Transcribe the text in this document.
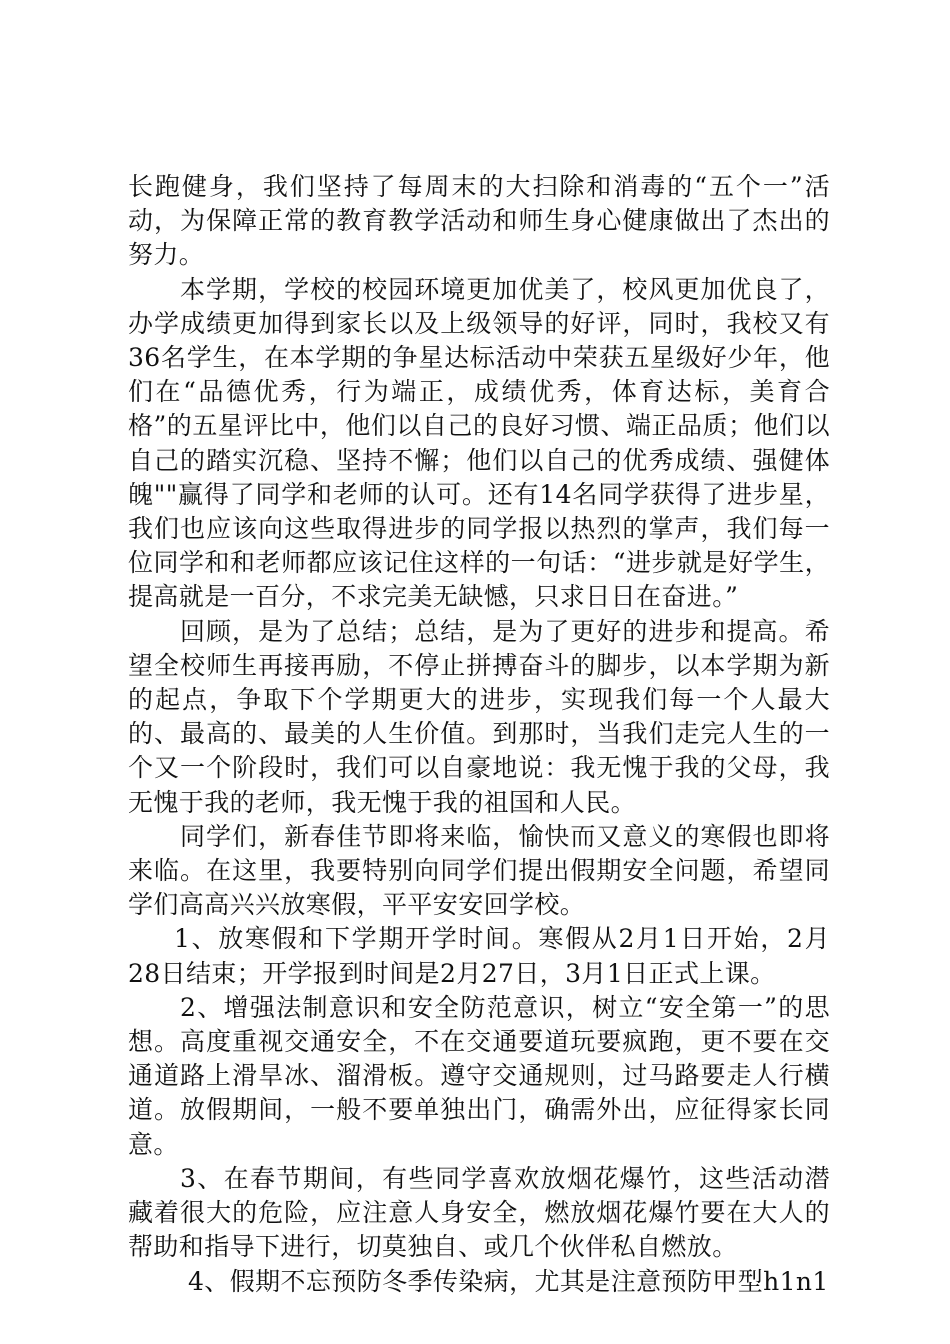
长跑健身，我们坚持了每周末的大扫除和消毒的“五个一”活动，为保障正常的教育教学活动和师生身心健康做出了杰出的努力。

本学期，学校的校园环境更加优美了，校风更加优良了，办学成绩更加得到家长以及上级领导的好评，同时，我校又有36名学生，在本学期的争星达标活动中荣获五星级好少年，他们在“品德优秀，行为端正，成绩优秀，体育达标，美育合格”的五星评比中，他们以自己的良好习惯、端正品质；他们以自己的踏实沉稳、坚持不懈；他们以自己的优秀成绩、强健体魄""赢得了同学和老师的认可。还有14名同学获得了进步星，我们也应该向这些取得进步的同学报以热烈的掌声，我们每一位同学和和老师都应该记住这样的一句话：“进步就是好学生，提高就是一百分，不求完美无缺憾，只求日日在奋进。”

回顾，是为了总结；总结，是为了更好的进步和提高。希望全校师生再接再励，不停止拼搏奋斗的脚步，以本学期为新的起点，争取下个学期更大的进步，实现我们每一个人最大的、最高的、最美的人生价值。到那时，当我们走完人生的一个又一个阶段时，我们可以自豪地说：我无愧于我的父母，我无愧于我的老师，我无愧于我的祖国和人民。

同学们，新春佳节即将来临，愉快而又意义的寒假也即将来临。在这里，我要特别向同学们提出假期安全问题，希望同学们高高兴兴放寒假，平平安安回学校。

1、放寒假和下学期开学时间。寒假从2月1日开始，2月28日结束；开学报到时间是2月27日，3月1日正式上课。

2、增强法制意识和安全防范意识，树立“安全第一”的思想。高度重视交通安全，不在交通要道玩要疯跑，更不要在交通道路上滑旱冰、溜滑板。遵守交通规则，过马路要走人行横道。放假期间，一般不要单独出门，确需外出，应征得家长同意。

3、在春节期间，有些同学喜欢放烟花爆竹，这些活动潜藏着很大的危险，应注意人身安全，燃放烟花爆竹要在大人的帮助和指导下进行，切莫独自、或几个伙伴私自燃放。

4、假期不忘预防冬季传染病，尤其是注意预防甲型h1n1
